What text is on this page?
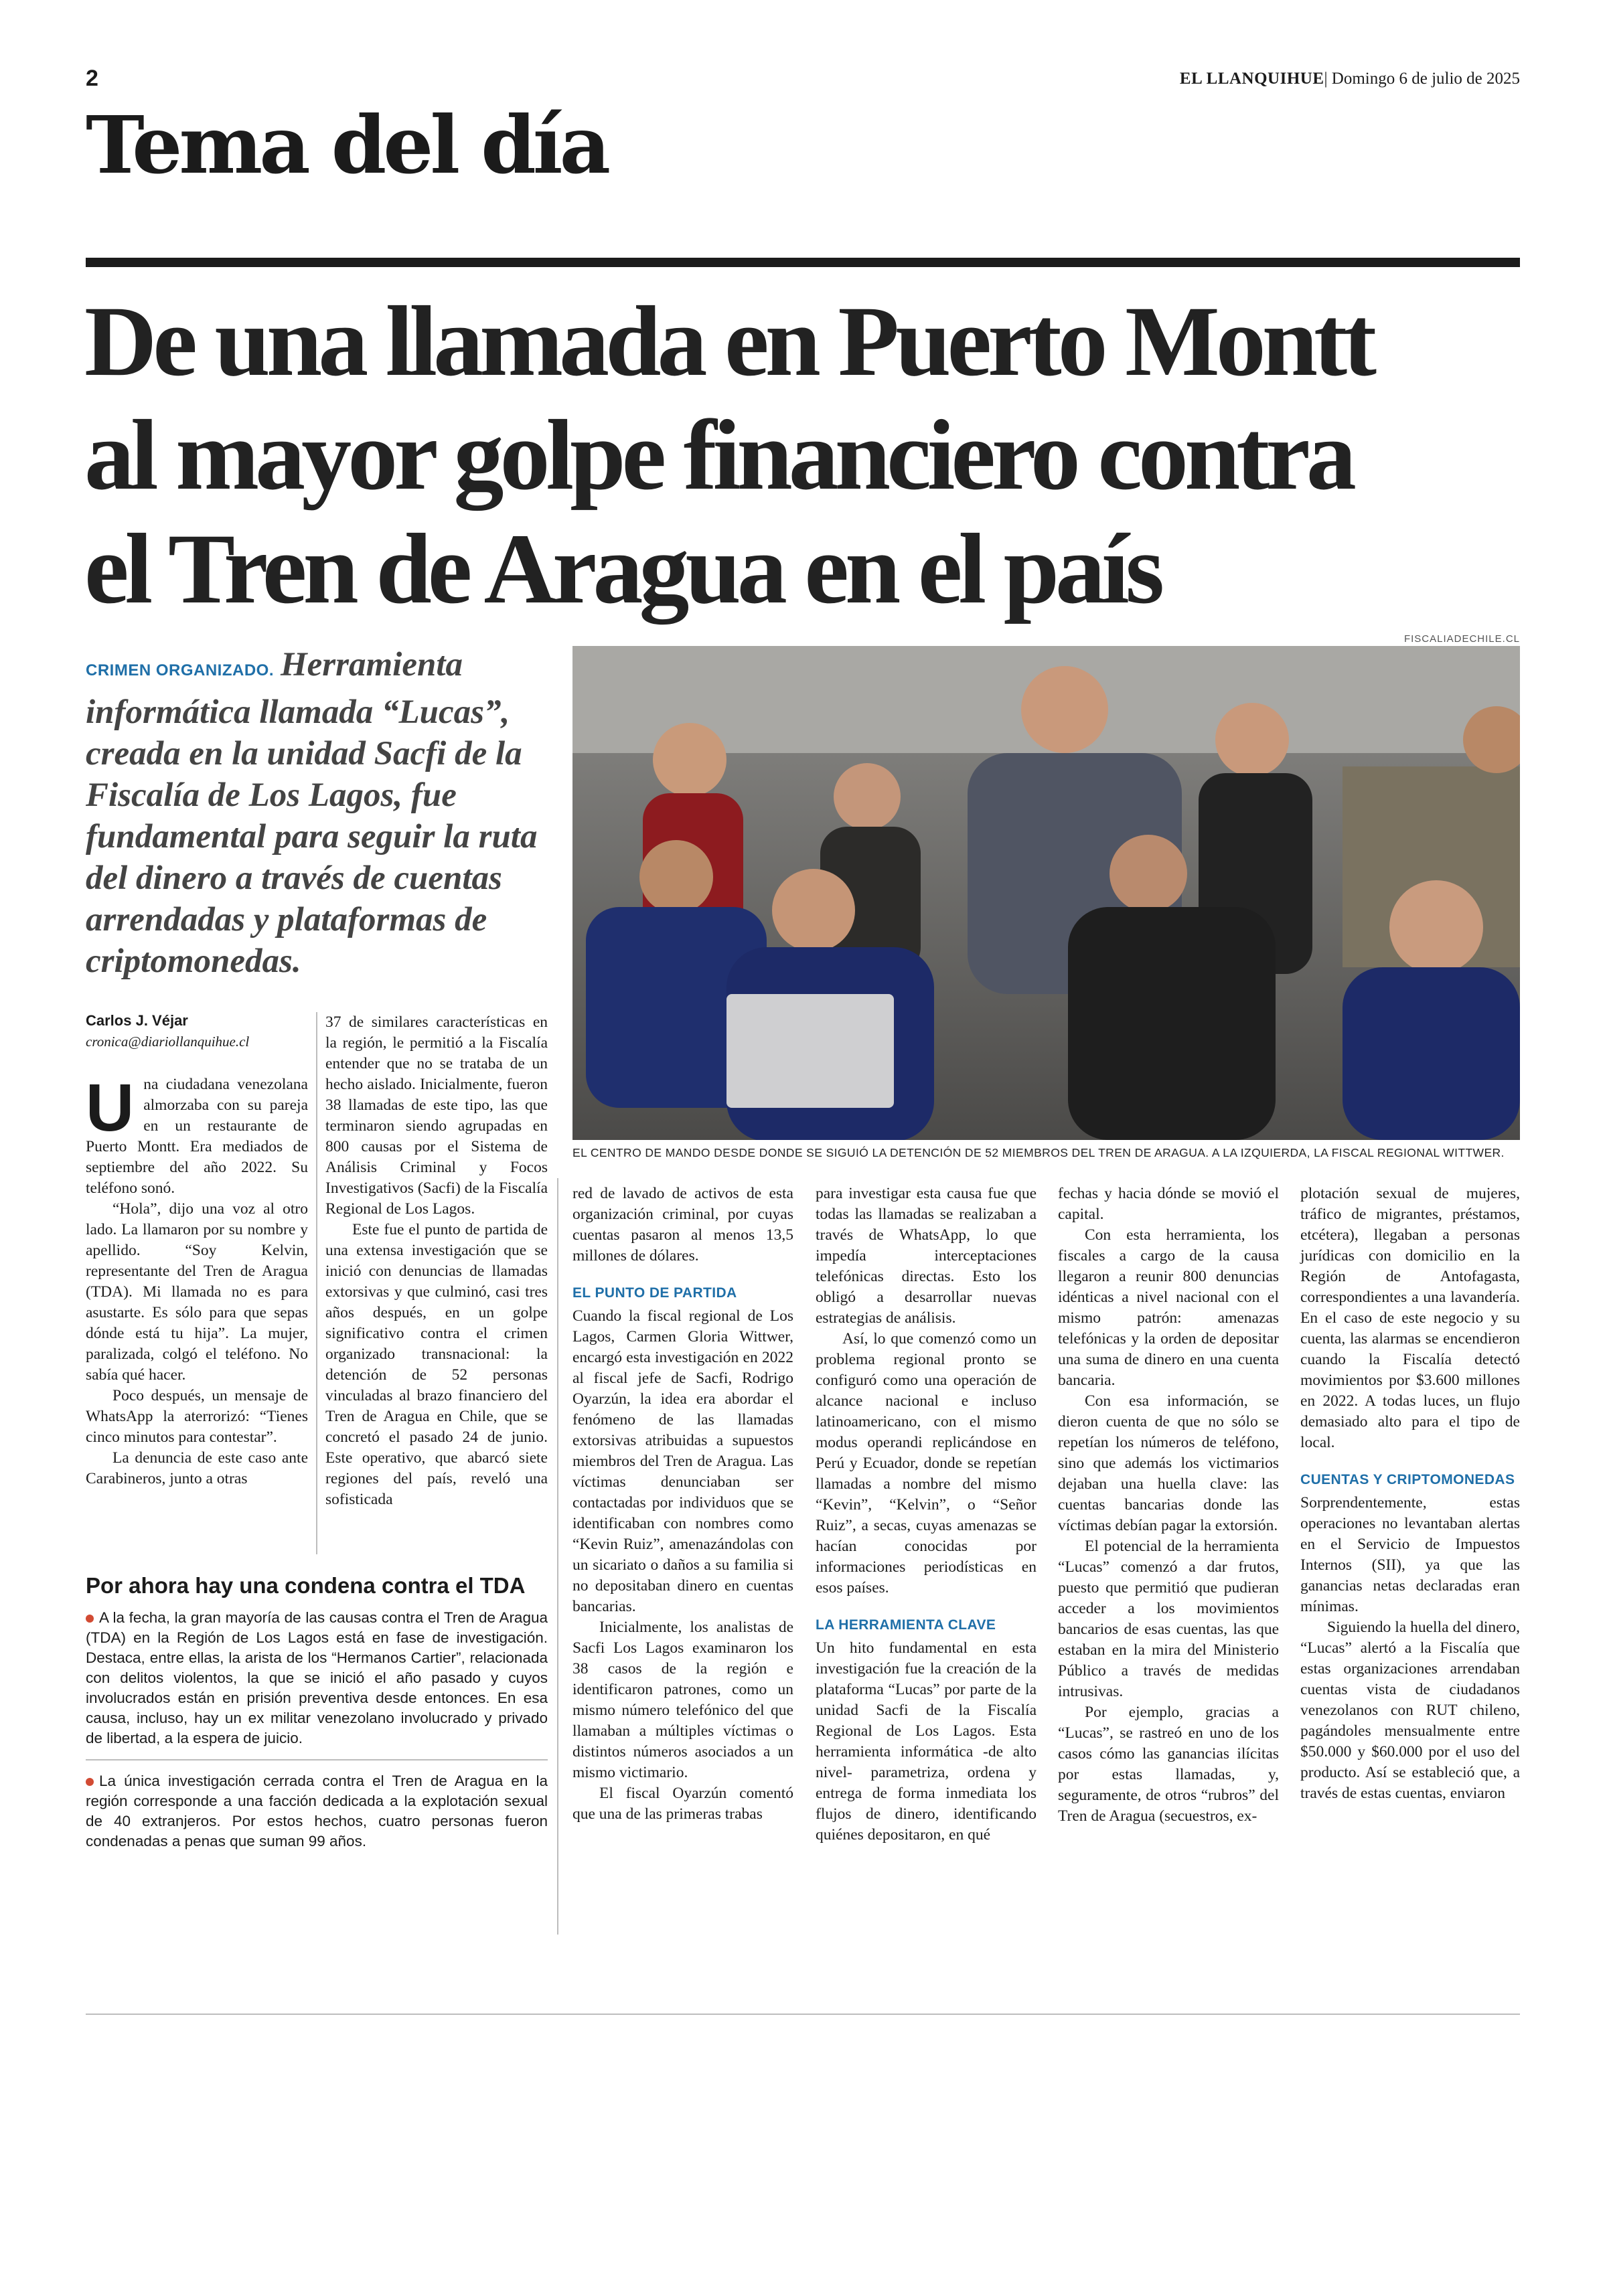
2	EL LLANQUIHUE| Domingo 6 de julio de 2025
Tema del día
De una llamada en Puerto Montt
al mayor golpe financiero contra
el Tren de Aragua en el país
CRIMEN ORGANIZADO. Herramienta informática llamada “Lucas”, creada en la unidad Sacfi de la Fiscalía de Los Lagos, fue fundamental para seguir la ruta del dinero a través de cuentas arrendadas y plataformas de criptomonedas.
FISCALIADECHILE.CL
EL CENTRO DE MANDO DESDE DONDE SE SIGUIÓ LA DETENCIÓN DE 52 MIEMBROS DEL TREN DE ARAGUA. A LA IZQUIERDA, LA FISCAL REGIONAL WITTWER.
Carlos J. Véjar
cronica@diariollanquihue.cl
U na ciudadana venezolana almorzaba con su pareja en un restaurante de Puerto Montt. Era mediados de septiembre del año 2022. Su teléfono sonó.

“Hola”, dijo una voz al otro lado. La llamaron por su nombre y apellido. “Soy Kelvin, representante del Tren de Aragua (TDA). Mi llamada no es para asustarte. Es sólo para que sepas dónde está tu hija”. La mujer, paralizada, colgó el teléfono. No sabía qué hacer.

Poco después, un mensaje de WhatsApp la aterrorizó: “Tienes cinco minutos para contestar”.

La denuncia de este caso ante Carabineros, junto a otras

37 de similares características en la región, le permitió a la Fiscalía entender que no se trataba de un hecho aislado. Inicialmente, fueron 38 llamadas de este tipo, las que terminaron siendo agrupadas en 800 causas por el Sistema de Análisis Criminal y Focos Investigativos (Sacfi) de la Fiscalía Regional de Los Lagos.

Este fue el punto de partida de una extensa investigación que se inició con denuncias de llamadas extorsivas y que culminó, casi tres años después, en un golpe significativo contra el crimen organizado transnacional: la detención de 52 personas vinculadas al brazo financiero del Tren de Aragua en Chile, que se concretó el pasado 24 de junio. Este operativo, que abarcó siete regiones del país, reveló una sofisticada

Por ahora hay una condena contra el TDA

A la fecha, la gran mayoría de las causas contra el Tren de Aragua (TDA) en la Región de Los Lagos está en fase de investigación. Destaca, entre ellas, la arista de los “Hermanos Cartier”, relacionada con delitos violentos, la que se inició el año pasado y cuyos involucrados están en prisión preventiva desde entonces. En esa causa, incluso, hay un ex militar venezolano involucrado y privado de libertad, a la espera de juicio.

La única investigación cerrada contra el Tren de Aragua en la región corresponde a una facción dedicada a la explotación sexual de 40 extranjeros. Por estos hechos, cuatro personas fueron condenadas a penas que suman 99 años.

red de lavado de activos de esta organización criminal, por cuyas cuentas pasaron al menos 13,5 millones de dólares.

EL PUNTO DE PARTIDA

Cuando la fiscal regional de Los Lagos, Carmen Gloria Wittwer, encargó esta investigación en 2022 al fiscal jefe de Sacfi, Rodrigo Oyarzún, la idea era abordar el fenómeno de las llamadas extorsivas atribuidas a supuestos miembros del Tren de Aragua. Las víctimas denunciaban ser contactadas por individuos que se identificaban con nombres como “Kevin Ruiz”, amenazándolas con un sicariato o daños a su familia si no depositaban dinero en cuentas bancarias.

Inicialmente, los analistas de Sacfi Los Lagos examinaron los 38 casos de la región e identificaron patrones, como un mismo número telefónico del que llamaban a múltiples víctimas o distintos números asociados a un mismo victimario.

El fiscal Oyarzún comentó que una de las primeras trabas

para investigar esta causa fue que todas las llamadas se realizaban a través de WhatsApp, lo que impedía interceptaciones telefónicas directas. Esto los obligó a desarrollar nuevas estrategias de análisis.

Así, lo que comenzó como un problema regional pronto se configuró como una operación de alcance nacional e incluso latinoamericano, con el mismo modus operandi replicándose en Perú y Ecuador, donde se repetían llamadas a nombre del mismo “Kevin”, “Kelvin”, o “Señor Ruiz”, a secas, cuyas amenazas se hacían conocidas por informaciones periodísticas en esos países.

LA HERRAMIENTA CLAVE

Un hito fundamental en esta investigación fue la creación de la plataforma “Lucas” por parte de la unidad Sacfi de la Fiscalía Regional de Los Lagos. Esta herramienta informática -de alto nivel- parametriza, ordena y entrega de forma inmediata los flujos de dinero, identificando quiénes depositaron, en qué

fechas y hacia dónde se movió el capital.

Con esta herramienta, los fiscales a cargo de la causa llegaron a reunir 800 denuncias idénticas a nivel nacional con el mismo patrón: amenazas telefónicas y la orden de depositar una suma de dinero en una cuenta bancaria.

Con esa información, se dieron cuenta de que no sólo se repetían los números de teléfono, sino que además los victimarios dejaban una huella clave: las cuentas bancarias donde las víctimas debían pagar la extorsión.

El potencial de la herramienta “Lucas” comenzó a dar frutos, puesto que permitió que pudieran acceder a los movimientos bancarios de esas cuentas, las que estaban en la mira del Ministerio Público a través de medidas intrusivas.

Por ejemplo, gracias a “Lucas”, se rastreó en uno de los casos cómo las ganancias ilícitas por estas llamadas, y, seguramente, de otros “rubros” del Tren de Aragua (secuestros, ex-

plotación sexual de mujeres, tráfico de migrantes, préstamos, etcétera), llegaban a personas jurídicas con domicilio en la Región de Antofagasta, correspondientes a una lavandería. En el caso de este negocio y su cuenta, las alarmas se encendieron cuando la Fiscalía detectó movimientos por $3.600 millones en 2022. A todas luces, un flujo demasiado alto para el tipo de local.

CUENTAS Y CRIPTOMONEDAS

Sorprendentemente, estas operaciones no levantaban alertas en el Servicio de Impuestos Internos (SII), ya que las ganancias netas declaradas eran mínimas.

Siguiendo la huella del dinero, “Lucas” alertó a la Fiscalía que estas organizaciones arrendaban cuentas vista de ciudadanos venezolanos con RUT chileno, pagándoles mensualmente entre $50.000 y $60.000 por el uso del producto. Así se estableció que, a través de estas cuentas, enviaron
